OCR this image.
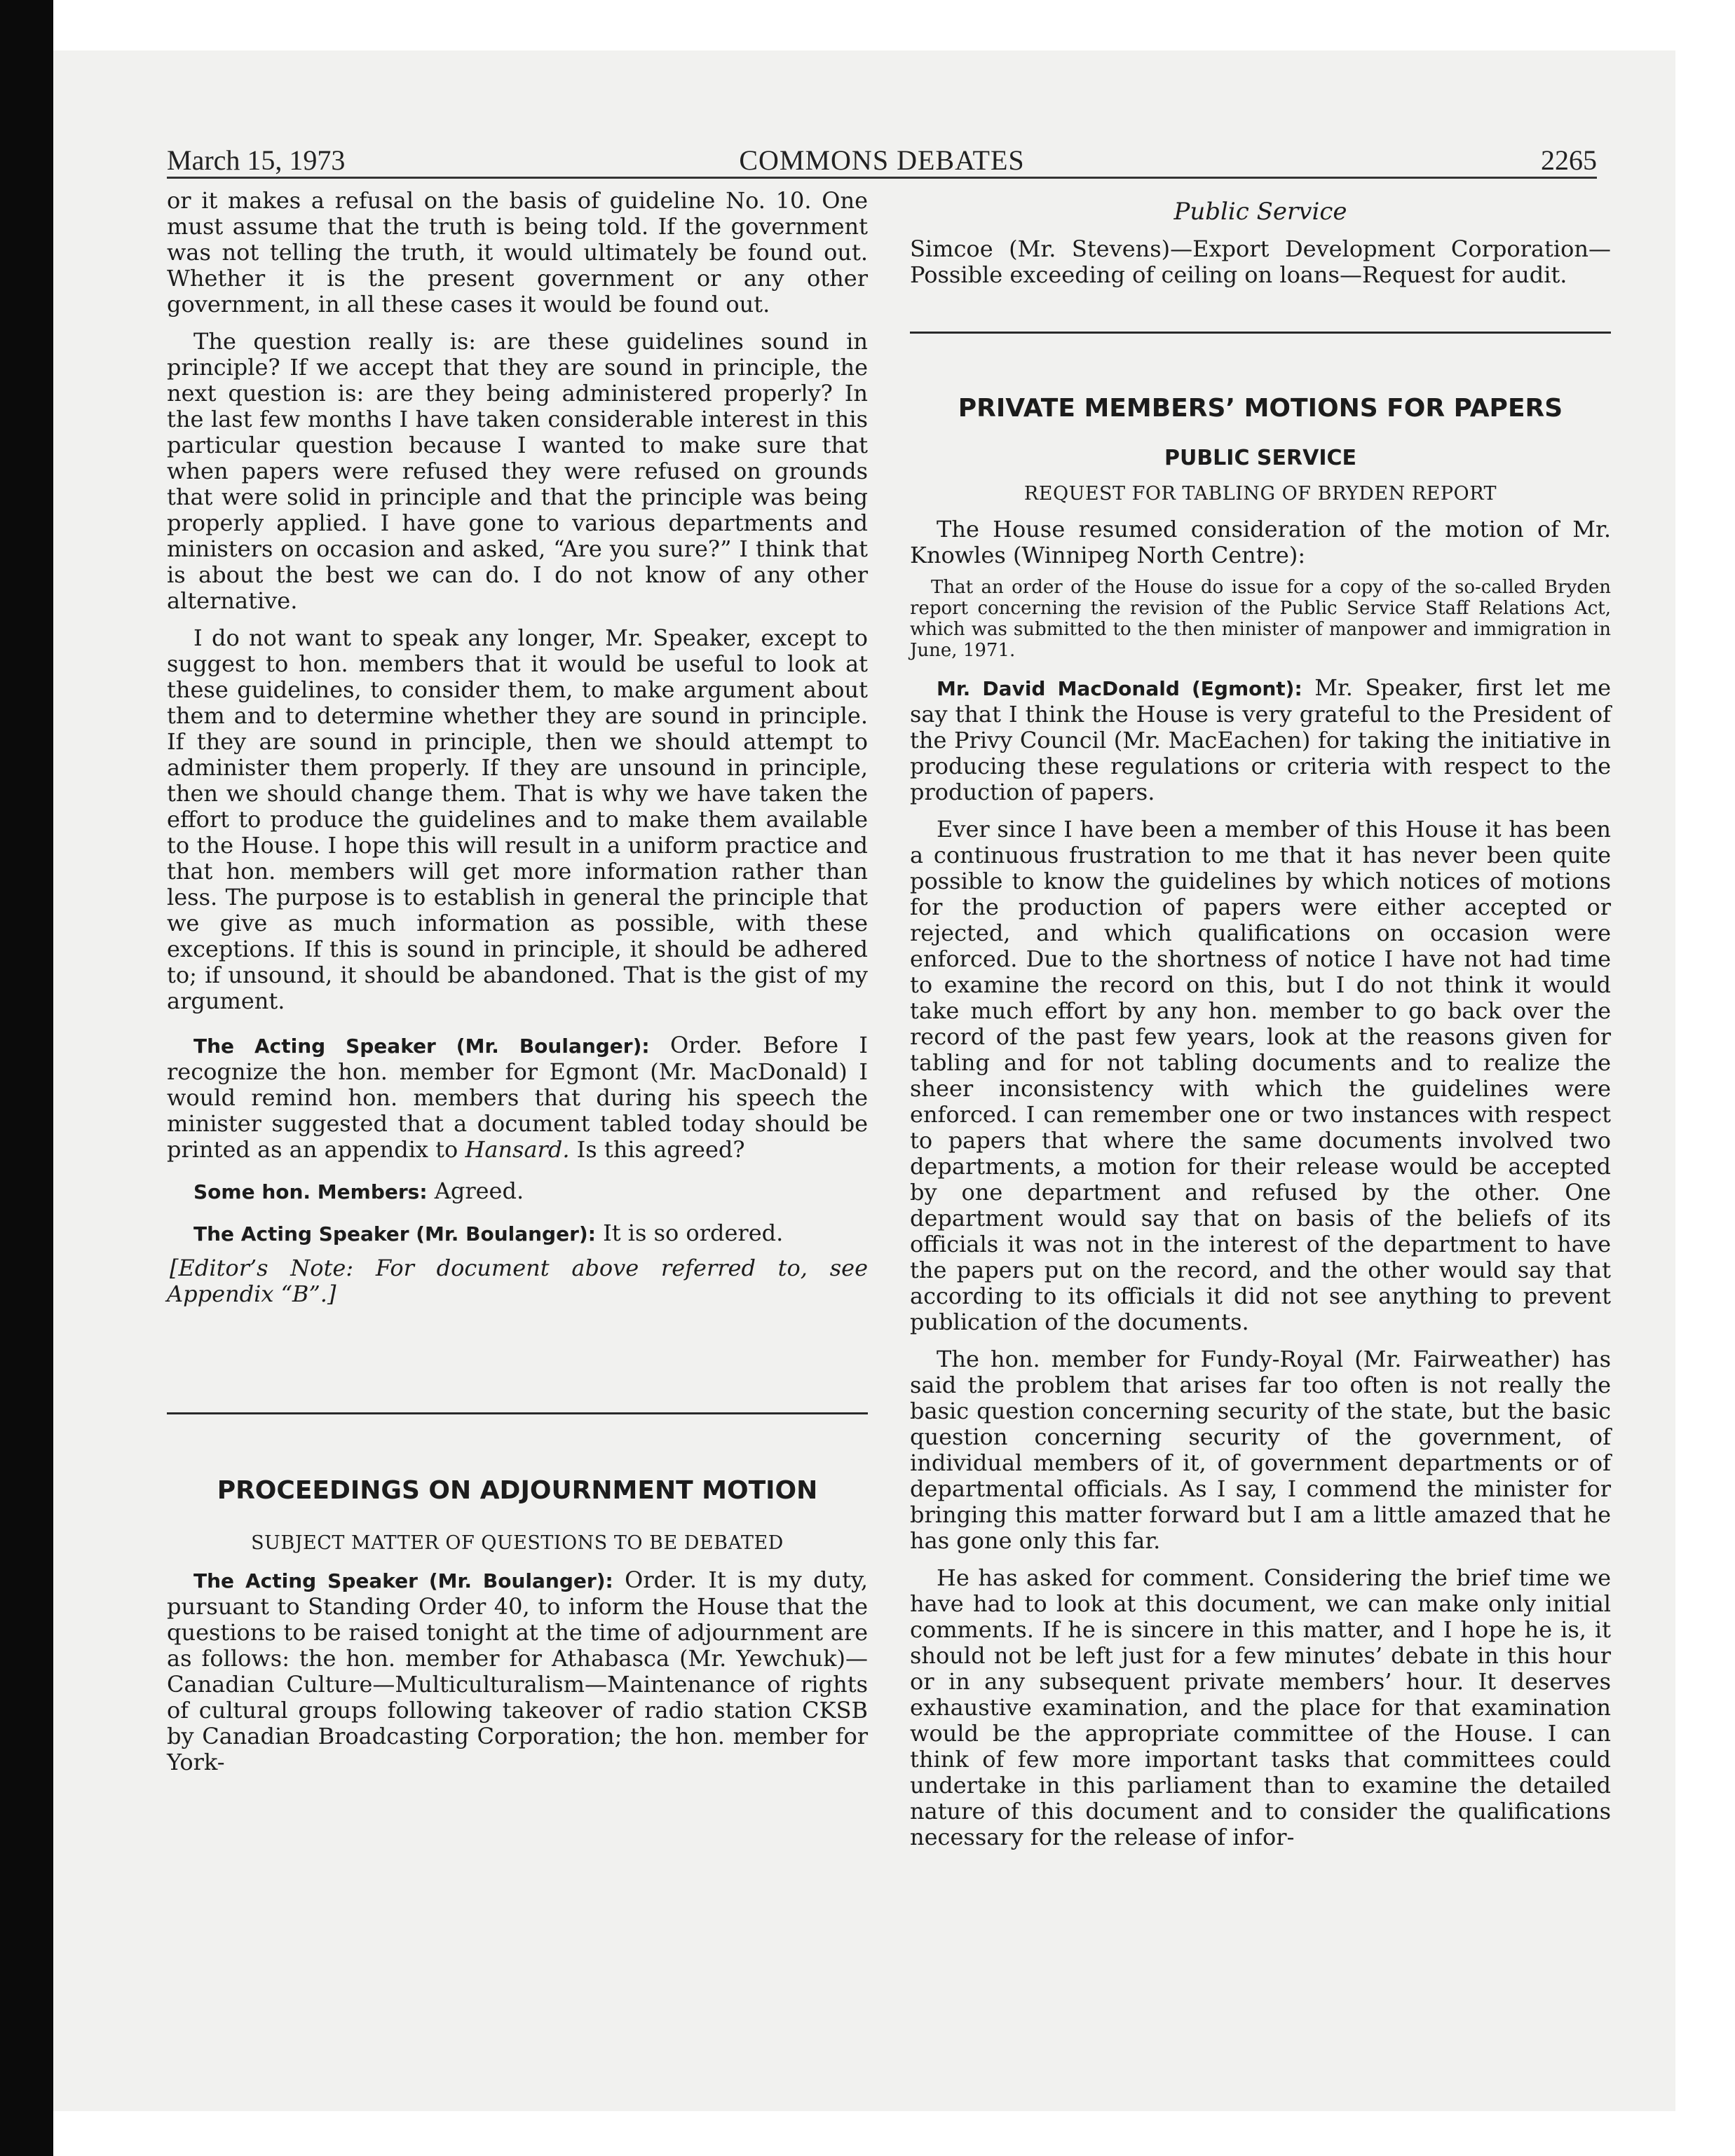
March 15, 1973	COMMONS DEBATES	2265

or it makes a refusal on the basis of guideline No. 10. One must assume that the truth is being told. If the government was not telling the truth, it would ultimately be found out. Whether it is the present government or any other government, in all these cases it would be found out.

The question really is: are these guidelines sound in principle? If we accept that they are sound in principle, the next question is: are they being administered properly? In the last few months I have taken considerable interest in this particular question because I wanted to make sure that when papers were refused they were refused on grounds that were solid in principle and that the principle was being properly applied. I have gone to various departments and ministers on occasion and asked, “Are you sure?” I think that is about the best we can do. I do not know of any other alternative.

I do not want to speak any longer, Mr. Speaker, except to suggest to hon. members that it would be useful to look at these guidelines, to consider them, to make argument about them and to determine whether they are sound in principle. If they are sound in principle, then we should attempt to administer them properly. If they are unsound in principle, then we should change them. That is why we have taken the effort to produce the guidelines and to make them available to the House. I hope this will result in a uniform practice and that hon. members will get more information rather than less. The purpose is to establish in general the principle that we give as much information as possible, with these exceptions. If this is sound in principle, it should be adhered to; if unsound, it should be abandoned. That is the gist of my argument.

The Acting Speaker (Mr. Boulanger): Order. Before I recognize the hon. member for Egmont (Mr. MacDonald) I would remind hon. members that during his speech the minister suggested that a document tabled today should be printed as an appendix to Hansard. Is this agreed?

Some hon. Members: Agreed.

The Acting Speaker (Mr. Boulanger): It is so ordered.

[Editor’s Note: For document above referred to, see Appendix “B”.]

PROCEEDINGS ON ADJOURNMENT MOTION
SUBJECT MATTER OF QUESTIONS TO BE DEBATED

The Acting Speaker (Mr. Boulanger): Order. It is my duty, pursuant to Standing Order 40, to inform the House that the questions to be raised tonight at the time of adjournment are as follows: the hon. member for Athabasca (Mr. Yewchuk)—Canadian Culture—Multiculturalism—Maintenance of rights of cultural groups following takeover of radio station CKSB by Canadian Broadcasting Corporation; the hon. member for York-

Public Service

Simcoe (Mr. Stevens)—Export Development Corporation—Possible exceeding of ceiling on loans—Request for audit.

PRIVATE MEMBERS’ MOTIONS FOR PAPERS
PUBLIC SERVICE
REQUEST FOR TABLING OF BRYDEN REPORT

The House resumed consideration of the motion of Mr. Knowles (Winnipeg North Centre):

That an order of the House do issue for a copy of the so-called Bryden report concerning the revision of the Public Service Staff Relations Act, which was submitted to the then minister of manpower and immigration in June, 1971.

Mr. David MacDonald (Egmont): Mr. Speaker, first let me say that I think the House is very grateful to the President of the Privy Council (Mr. MacEachen) for taking the initiative in producing these regulations or criteria with respect to the production of papers.

Ever since I have been a member of this House it has been a continuous frustration to me that it has never been quite possible to know the guidelines by which notices of motions for the production of papers were either accepted or rejected, and which qualifications on occasion were enforced. Due to the shortness of notice I have not had time to examine the record on this, but I do not think it would take much effort by any hon. member to go back over the record of the past few years, look at the reasons given for tabling and for not tabling documents and to realize the sheer inconsistency with which the guidelines were enforced. I can remember one or two instances with respect to papers that where the same documents involved two departments, a motion for their release would be accepted by one department and refused by the other. One department would say that on basis of the beliefs of its officials it was not in the interest of the department to have the papers put on the record, and the other would say that according to its officials it did not see anything to prevent publication of the documents.

The hon. member for Fundy-Royal (Mr. Fairweather) has said the problem that arises far too often is not really the basic question concerning security of the state, but the basic question concerning security of the government, of individual members of it, of government departments or of departmental officials. As I say, I commend the minister for bringing this matter forward but I am a little amazed that he has gone only this far.

He has asked for comment. Considering the brief time we have had to look at this document, we can make only initial comments. If he is sincere in this matter, and I hope he is, it should not be left just for a few minutes’ debate in this hour or in any subsequent private members’ hour. It deserves exhaustive examination, and the place for that examination would be the appropriate committee of the House. I can think of few more important tasks that committees could undertake in this parliament than to examine the detailed nature of this document and to consider the qualifications necessary for the release of infor-
